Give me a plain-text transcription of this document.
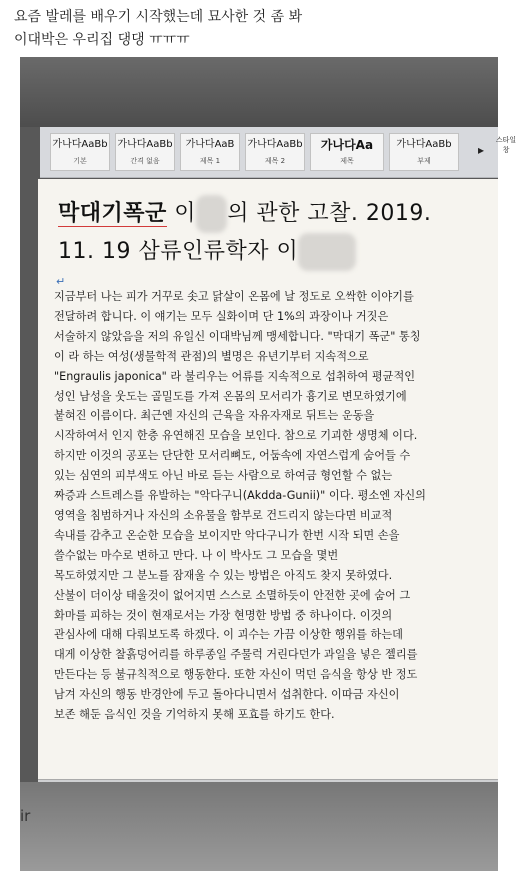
요즘 발레를 배우기 시작했는데 묘사한 것 좀 봐
이대박은 우리집 댕댕 ㅠㅠㅠ
가나다AaBb
기본
가나다AaBb
간격 없음
가나다AaB
제목 1
가나다AaBb
제목 2
가나다Aa
제목
가나다AaBb
부제
▸
스타일 창
막대기폭군 이 의 관한 고찰. 2019.
11. 19 삼류인류학자 이
↵
지금부터 나는 피가 거꾸로 솟고 닭살이 온몸에 날 정도로 오싹한 이야기를
전달하려 합니다. 이 얘기는 모두 실화이며 단 1%의 과장이나 거짓은
서술하지 않았음을 저의 유일신 이대박님께 맹세합니다. "막대기 폭군" 통칭
이 라 하는 여성(생물학적 관점)의 별명은 유년기부터 지속적으로
"Engraulis japonica" 라 불리우는 어류를 지속적으로 섭취하여 평균적인
성인 남성을 웃도는 골밀도를 가져 온몸의 모서리가 흉기로 변모하였기에
붙혀진 이름이다. 최근엔 자신의 근육을 자유자재로 뒤트는 운동을
시작하여서 인지 한층 유연해진 모습을 보인다. 참으로 기괴한 생명체 이다.
하지만 이것의 공포는 단단한 모서리뼈도, 어둠속에 자연스럽게 숨어들 수
있는 심연의 피부색도 아닌 바로 듣는 사람으로 하여금 형언할 수 없는
짜증과 스트레스를 유발하는 "악다구니(Akdda-Gunii)" 이다. 평소엔 자신의
영역을 침범하거나 자신의 소유물을 함부로 건드리지 않는다면 비교적
속내를 감추고 온순한 모습을 보이지만 악다구니가 한번 시작 되면 손을
쓸수없는 마수로 변하고 만다. 나 이 박사도 그 모습을 몇번
목도하였지만 그 분노를 잠재울 수 있는 방법은 아직도 찾지 못하였다.
산불이 더이상 태울것이 없어지면 스스로 소멸하듯이 안전한 곳에 숨어 그
화마를 피하는 것이 현재로서는 가장 현명한 방법 중 하나이다. 이것의
관심사에 대해 다뤄보도록 하겠다. 이 괴수는 가끔 이상한 행위를 하는데
대게 이상한 찰흙덩어리를 하루종일 주물럭 거린다던가 과일을 넣은 젤리를
만든다는 등 불규칙적으로 행동한다. 또한 자신이 먹던 음식을 항상 반 정도
남겨 자신의 행동 반경안에 두고 돌아다니면서 섭취한다. 이따금 자신이
보존 해둔 음식인 것을 기억하지 못해 포효를 하기도 한다.
ir
